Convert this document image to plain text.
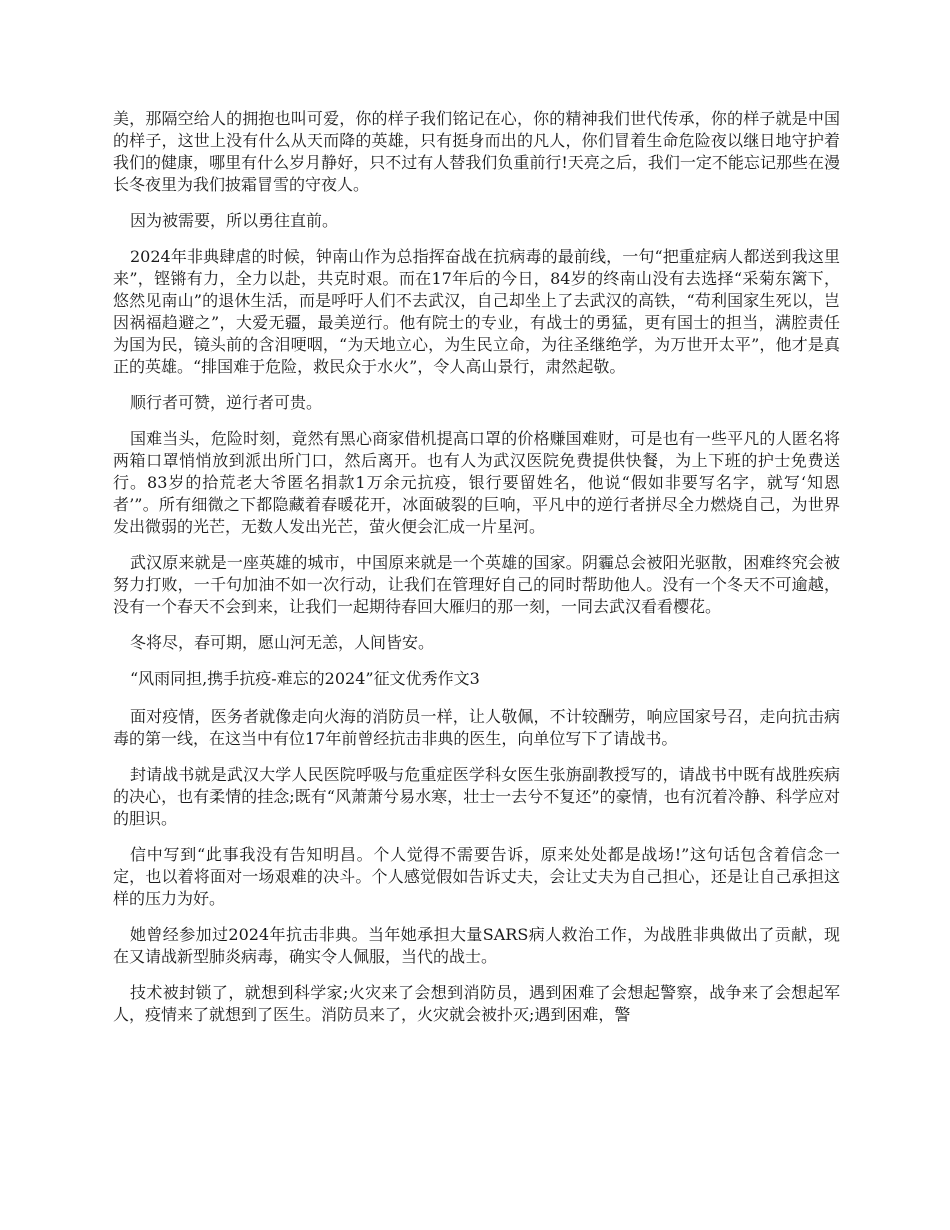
美，那隔空给人的拥抱也叫可爱，你的样子我们铭记在心，你的精神我们世代传承，你的样子就是中国的样子，这世上没有什么从天而降的英雄，只有挺身而出的凡人，你们冒着生命危险夜以继日地守护着我们的健康，哪里有什么岁月静好，只不过有人替我们负重前行!天亮之后，我们一定不能忘记那些在漫长冬夜里为我们披霜冒雪的守夜人。

因为被需要，所以勇往直前。

2024年非典肆虐的时候，钟南山作为总指挥奋战在抗病毒的最前线，一句“把重症病人都送到我这里来”，铿锵有力，全力以赴，共克时艰。而在17年后的今日，84岁的终南山没有去选择“采菊东篱下，悠然见南山”的退休生活，而是呼吁人们不去武汉，自己却坐上了去武汉的高铁，“苟利国家生死以，岂因祸福趋避之”，大爱无疆，最美逆行。他有院士的专业，有战士的勇猛，更有国士的担当，满腔责任为国为民，镜头前的含泪哽咽，“为天地立心，为生民立命，为往圣继绝学，为万世开太平”，他才是真正的英雄。“排国难于危险，救民众于水火”，令人高山景行，肃然起敬。

顺行者可赞，逆行者可贵。

国难当头，危险时刻，竟然有黑心商家借机提高口罩的价格赚国难财，可是也有一些平凡的人匿名将两箱口罩悄悄放到派出所门口，然后离开。也有人为武汉医院免费提供快餐，为上下班的护士免费送行。83岁的拾荒老大爷匿名捐款1万余元抗疫，银行要留姓名，他说“假如非要写名字，就写‘知恩者’”。所有细微之下都隐藏着春暖花开，冰面破裂的巨响，平凡中的逆行者拼尽全力燃烧自己，为世界发出微弱的光芒，无数人发出光芒，萤火便会汇成一片星河。

武汉原来就是一座英雄的城市，中国原来就是一个英雄的国家。阴霾总会被阳光驱散，困难终究会被努力打败，一千句加油不如一次行动，让我们在管理好自己的同时帮助他人。没有一个冬天不可逾越，没有一个春天不会到来，让我们一起期待春回大雁归的那一刻，一同去武汉看看樱花。

冬将尽，春可期，愿山河无恙，人间皆安。

“风雨同担,携手抗疫-难忘的2024”征文优秀作文3

面对疫情，医务者就像走向火海的消防员一样，让人敬佩，不计较酬劳，响应国家号召，走向抗击病毒的第一线，在这当中有位17年前曾经抗击非典的医生，向单位写下了请战书。

封请战书就是武汉大学人民医院呼吸与危重症医学科女医生张旃副教授写的，请战书中既有战胜疾病的决心，也有柔情的挂念;既有“风萧萧兮易水寒，壮士一去兮不复还”的豪情，也有沉着冷静、科学应对的胆识。

信中写到“此事我没有告知明昌。个人觉得不需要告诉，原来处处都是战场!”这句话包含着信念一定，也以着将面对一场艰难的决斗。个人感觉假如告诉丈夫，会让丈夫为自己担心，还是让自己承担这样的压力为好。

她曾经参加过2024年抗击非典。当年她承担大量SARS病人救治工作，为战胜非典做出了贡献，现在又请战新型肺炎病毒，确实令人佩服，当代的战士。

技术被封锁了，就想到科学家;火灾来了会想到消防员，遇到困难了会想起警察，战争来了会想起军人，疫情来了就想到了医生。消防员来了，火灾就会被扑灭;遇到困难，警
